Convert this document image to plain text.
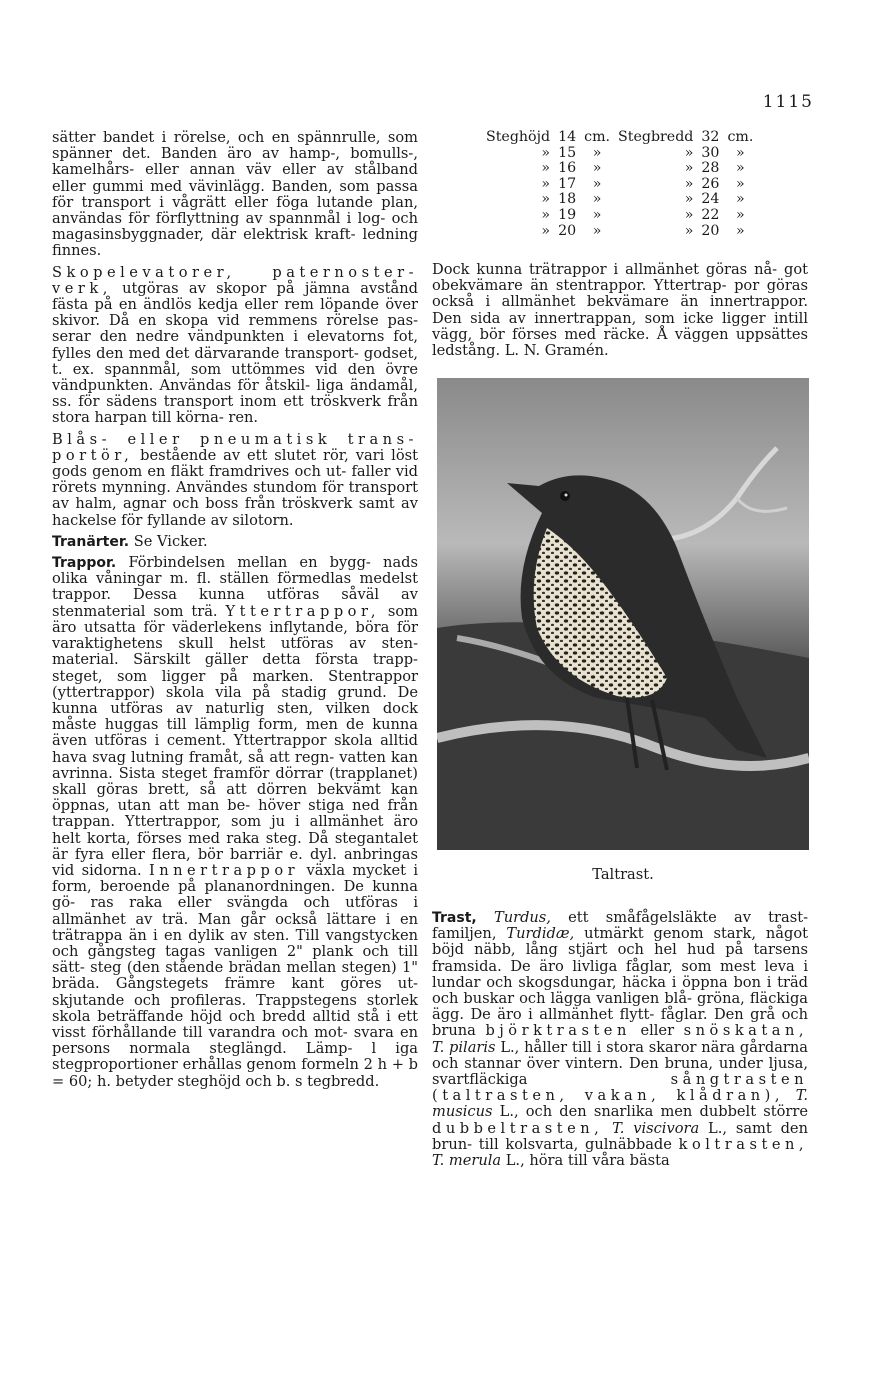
1115

sätter bandet i rörelse, och en spännrulle, som spänner det. Banden äro av hamp-, bomulls-, kamelhårs- eller annan väv eller av stålband eller gummi med vävinlägg. Banden, som passa för transport i vågrätt eller föga lutande plan, användas för förflyttning av spannmål i log- och magasinsbyggnader, där elektrisk kraft- ledning finnes.

Skopelevatorer, paternoster- verk, utgöras av skopor på jämna avstånd fästa på en ändlös kedja eller rem löpande över skivor. Då en skopa vid remmens rörelse pas- serar den nedre vändpunkten i elevatorns fot, fylles den med det därvarande transport- godset, t. ex. spannmål, som uttömmes vid den övre vändpunkten. Användas för åtskil- liga ändamål, ss. för sädens transport inom ett tröskverk från stora harpan till körna- ren.

Blås- eller pneumatisk trans- portör, bestående av ett slutet rör, vari löst gods genom en fläkt framdrives och ut- faller vid rörets mynning. Användes stundom för transport av halm, agnar och boss från tröskverk samt av hackelse för fyllande av silotorn.

Tranärter. Se Vicker.

Trappor. Förbindelsen mellan en bygg- nads olika våningar m. fl. ställen förmedlas medelst trappor. Dessa kunna utföras såväl av stenmaterial som trä. Yttertrappor, som äro utsatta för väderlekens inflytande, böra för varaktighetens skull helst utföras av sten- material. Särskilt gäller detta första trapp- steget, som ligger på marken. Stentrappor (yttertrappor) skola vila på stadig grund. De kunna utföras av naturlig sten, vilken dock måste huggas till lämplig form, men de kunna även utföras i cement. Yttertrappor skola alltid hava svag lutning framåt, så att regn- vatten kan avrinna. Sista steget framför dörrar (trapplanet) skall göras brett, så att dörren bekvämt kan öppnas, utan att man be- höver stiga ned från trappan. Yttertrappor, som ju i allmänhet äro helt korta, förses med raka steg. Då stegantalet är fyra eller flera, bör barriär e. dyl. anbringas vid sidorna. Innertrappor växla mycket i form, beroende på plananordningen. De kunna gö- ras raka eller svängda och utföras i allmänhet av trä. Man går också lättare i en trätrappa än i en dylik av sten. Till vangstycken och gångsteg tagas vanligen 2" plank och till sätt- steg (den stående brädan mellan stegen) 1" bräda. Gångstegets främre kant göres ut- skjutande och profileras. Trappstegens storlek skola beträffande höjd och bredd alltid stå i ett visst förhållande till varandra och mot- svara en persons normala steglängd. Lämp- l iga stegproportioner erhållas genom formeln 2 h + b = 60; h. betyder steghöjd och b. s tegbredd.

Steghöjd	14	cm.	Stegbredd	32	cm.
»	15	»	»	30	»
»	16	»	»	28	»
»	17	»	»	26	»
»	18	»	»	24	»
»	19	»	»	22	»
»	20	»	»	20	»

Dock kunna trätrappor i allmänhet göras nå- got obekvämare än stentrappor. Yttertrap- por göras också i allmänhet bekvämare än innertrappor. Den sida av innertrappan, som icke ligger intill vägg, bör förses med räcke. Å väggen uppsättes ledstång. L. N. Gramén.

Taltrast.

Trast, Turdus, ett småfågelsläkte av trast- familjen, Turdidæ, utmärkt genom stark, något böjd näbb, lång stjärt och hel hud på tarsens framsida. De äro livliga fåglar, som mest leva i lundar och skogsdungar, häcka i öppna bon i träd och buskar och lägga vanligen blå- gröna, fläckiga ägg. De äro i allmänhet flytt- fåglar. Den grå och bruna björktrasten eller snöskatan, T. pilaris L., håller till i stora skaror nära gårdarna och stannar över vintern. Den bruna, under ljusa, svartfläckiga sångtrasten (taltrasten, vakan, klådran), T. musicus L., och den snarlika men dubbelt större dubbeltrasten, T. viscivora L., samt den brun- till kolsvarta, gulnäbbade koltrasten, T. merula L., höra till våra bästa
